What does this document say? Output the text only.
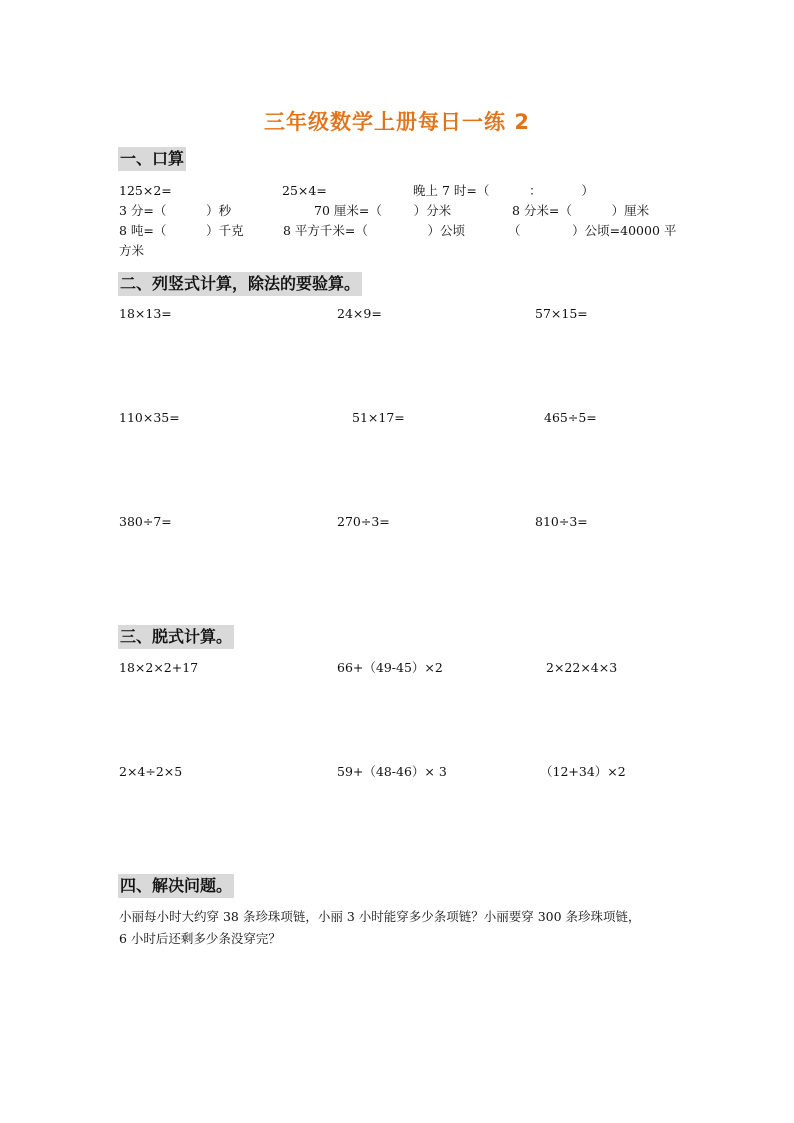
三年级数学上册每日一练 2
一、口算
125×2=	25×4=	晚上 7 时=（          ：          ）
3 分=（          ）秒	70 厘米=（        ）分米	8 分米=（          ）厘米
8 吨=（          ）千克	8 平方千米=（               ）公顷	（             ）公顷=40000 平
方米
二、列竖式计算，除法的要验算。
18×13=	24×9=	57×15=
110×35=	51×17=	465÷5=
380÷7=	270÷3=	810÷3=
三、脱式计算。
18×2×2+17	66+（49-45）×2	2×22×4×3
2×4÷2×5	59+（48-46）× 3	（12+34）×2
四、解决问题。
小丽每小时大约穿 38 条珍珠项链，小丽 3 小时能穿多少条项链？小丽要穿 300 条珍珠项链，
6 小时后还剩多少条没穿完？
